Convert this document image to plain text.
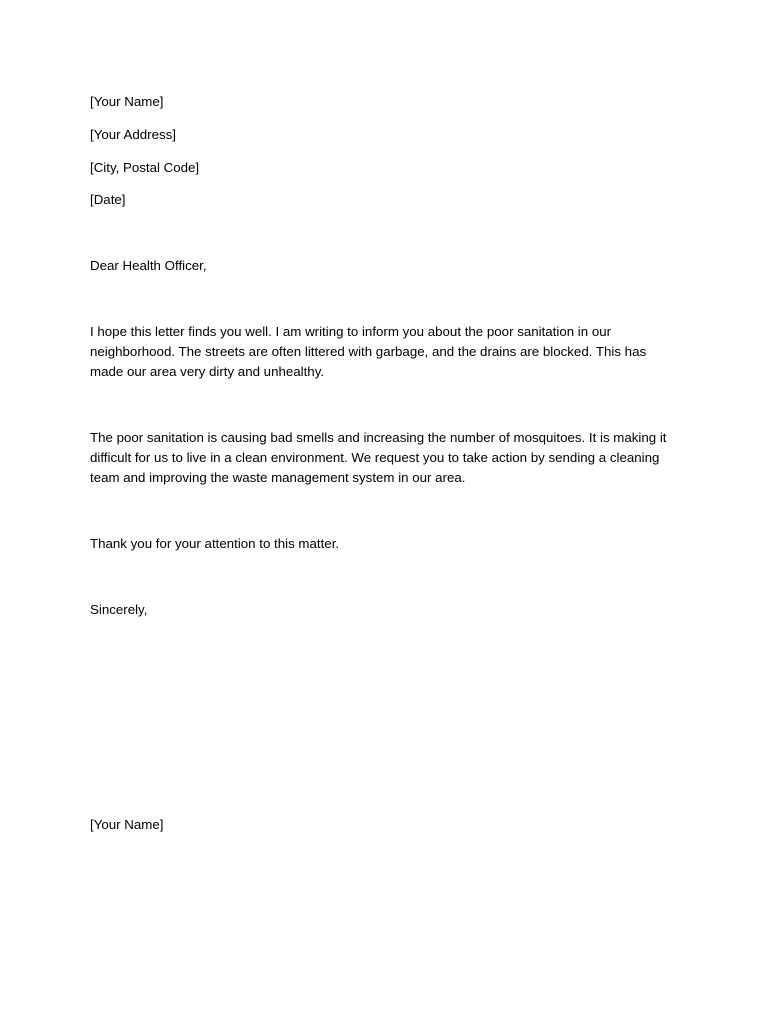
[Your Name]

[Your Address]

[City, Postal Code]

[Date]

Dear Health Officer,

I hope this letter finds you well. I am writing to inform you about the poor sanitation in our neighborhood. The streets are often littered with garbage, and the drains are blocked. This has made our area very dirty and unhealthy.

The poor sanitation is causing bad smells and increasing the number of mosquitoes. It is making it difficult for us to live in a clean environment. We request you to take action by sending a cleaning team and improving the waste management system in our area.

Thank you for your attention to this matter.

Sincerely,

[Your Name]
